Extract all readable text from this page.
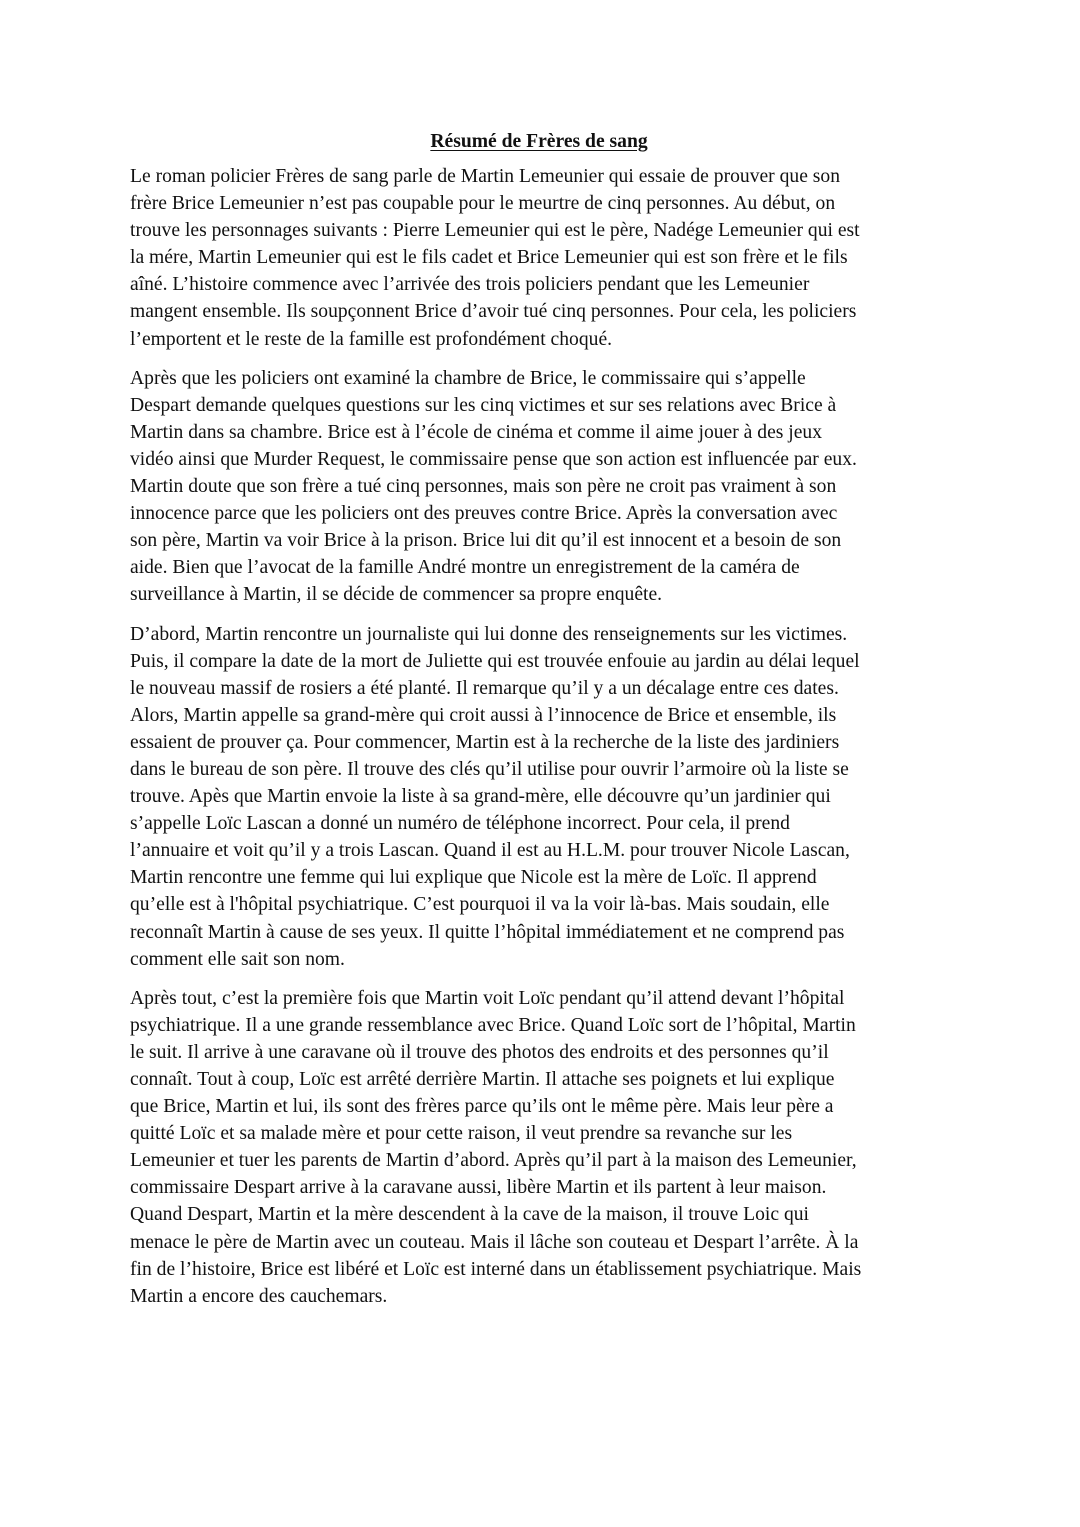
Résumé de Frères de sang
Le roman policier Frères de sang parle de Martin Lemeunier qui essaie de prouver que son
frère Brice Lemeunier n’est pas coupable pour le meurtre de cinq personnes. Au début, on
trouve les personnages suivants : Pierre Lemeunier qui est le père, Nadége Lemeunier qui est
la mére, Martin Lemeunier qui est le fils cadet et Brice Lemeunier qui est son frère et le fils
aîné. L’histoire commence avec l’arrivée des trois policiers pendant que les Lemeunier
mangent ensemble. Ils soupçonnent Brice d’avoir tué cinq personnes. Pour cela, les policiers
l’emportent et le reste de la famille est profondément choqué.
Après que les policiers ont examiné la chambre de Brice, le commissaire qui s’appelle
Despart demande quelques questions sur les cinq victimes et sur ses relations avec Brice à
Martin dans sa chambre. Brice est à l’école de cinéma et comme il aime jouer à des jeux
vidéo ainsi que Murder Request, le commissaire pense que son action est influencée par eux.
Martin doute que son frère a tué cinq personnes, mais son père ne croit pas vraiment à son
innocence parce que les policiers ont des preuves contre Brice. Après la conversation avec
son père, Martin va voir Brice à la prison. Brice lui dit qu’il est innocent et a besoin de son
aide. Bien que l’avocat de la famille André montre un enregistrement de la caméra de
surveillance à Martin, il se décide de commencer sa propre enquête.
D’abord, Martin rencontre un journaliste qui lui donne des renseignements sur les victimes.
Puis, il compare la date de la mort de Juliette qui est trouvée enfouie au jardin au délai lequel
le nouveau massif de rosiers a été planté. Il remarque qu’il y a un décalage entre ces dates.
Alors, Martin appelle sa grand-mère qui croit aussi à l’innocence de Brice et ensemble, ils
essaient de prouver ça. Pour commencer, Martin est à la recherche de la liste des jardiniers
dans le bureau de son père. Il trouve des clés qu’il utilise pour ouvrir l’armoire où la liste se
trouve. Apès que Martin envoie la liste à sa grand-mère, elle découvre qu’un jardinier qui
s’appelle Loïc Lascan a donné un numéro de téléphone incorrect. Pour cela, il prend
l’annuaire et voit qu’il y a trois Lascan. Quand il est au H.L.M. pour trouver Nicole Lascan,
Martin rencontre une femme qui lui explique que Nicole est la mère de Loïc. Il apprend
qu’elle est à l'hôpital psychiatrique. C’est pourquoi il va la voir là-bas. Mais soudain, elle
reconnaît Martin à cause de ses yeux. Il quitte l’hôpital immédiatement et ne comprend pas
comment elle sait son nom.
Après tout, c’est la première fois que Martin voit Loïc pendant qu’il attend devant l’hôpital
psychiatrique. Il a une grande ressemblance avec Brice. Quand Loïc sort de l’hôpital, Martin
le suit. Il arrive à une caravane où il trouve des photos des endroits et des personnes qu’il
connaît. Tout à coup, Loïc est arrêté derrière Martin. Il attache ses poignets et lui explique
que Brice, Martin et lui, ils sont des frères parce qu’ils ont le même père. Mais leur père a
quitté Loïc et sa malade mère et pour cette raison, il veut prendre sa revanche sur les
Lemeunier et tuer les parents de Martin d’abord. Après qu’il part à la maison des Lemeunier,
commissaire Despart arrive à la caravane aussi, libère Martin et ils partent à leur maison.
Quand Despart, Martin et la mère descendent à la cave de la maison, il trouve Loic qui
menace le père de Martin avec un couteau. Mais il lâche son couteau et Despart l’arrête. À la
fin de l’histoire, Brice est libéré et Loïc est interné dans un établissement psychiatrique. Mais
Martin a encore des cauchemars.
